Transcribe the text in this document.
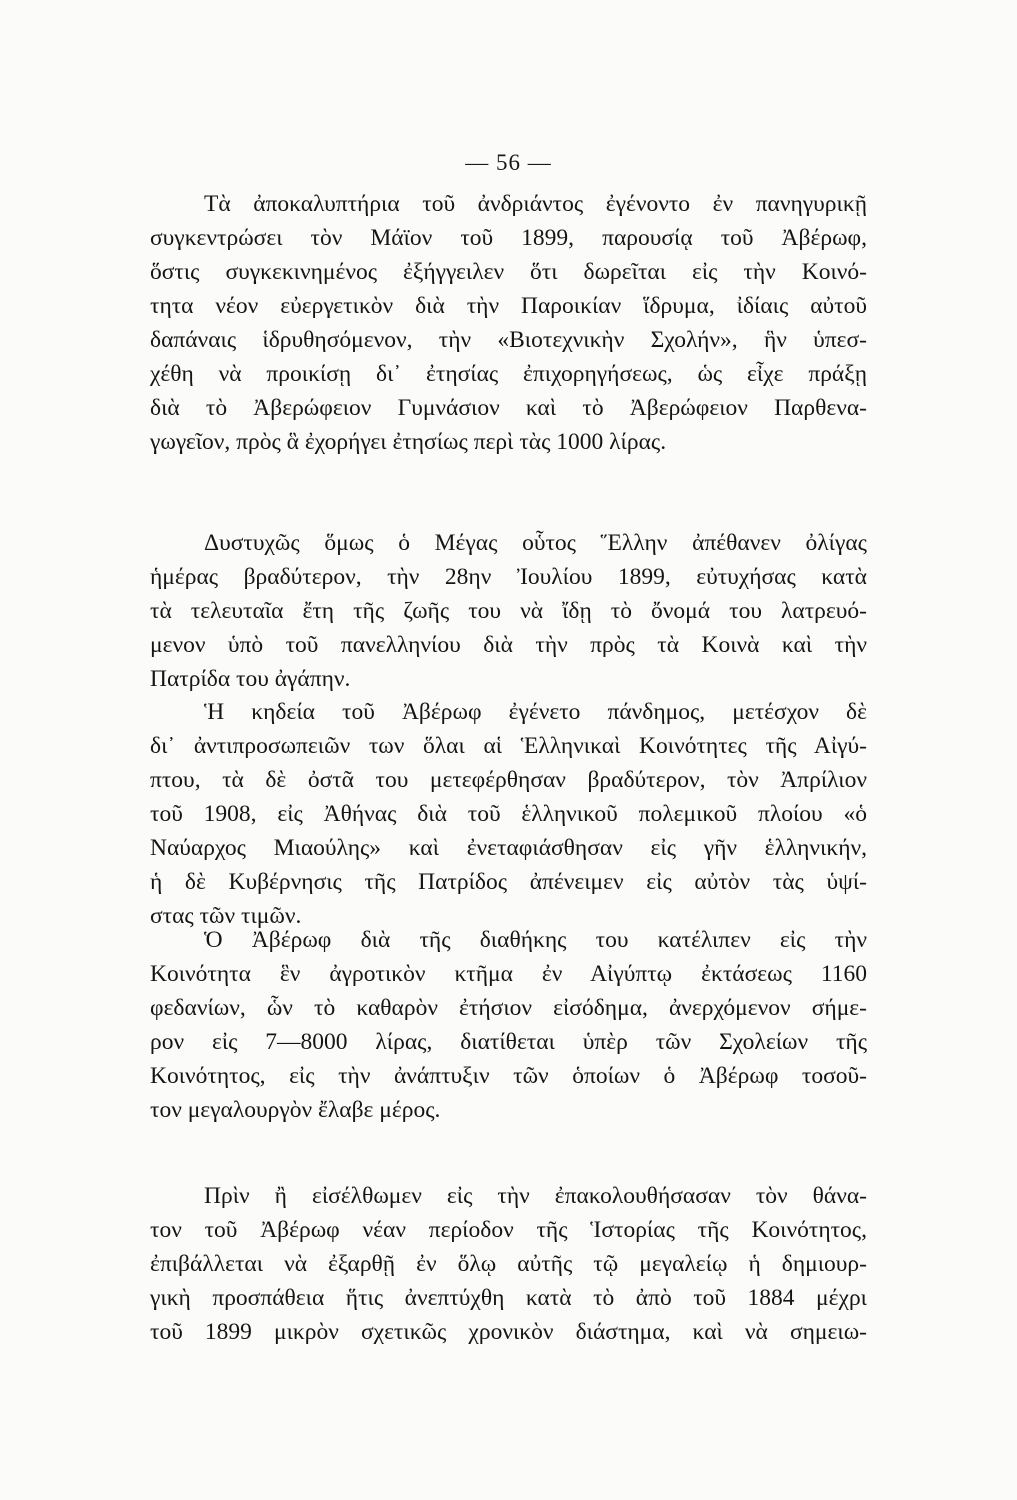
— 56 —
Τὰ ἀποκαλυπτήρια τοῦ ἀνδριάντος ἐγένοντο ἐν πανηγυρικῇ
συγκεντρώσει τὸν Μάϊον τοῦ 1899, παρουσίᾳ τοῦ Ἀβέρωφ,
ὅστις συγκεκινημένος ἐξήγγειλεν ὅτι δωρεῖται εἰς τὴν Κοινό-
τητα νέον εὐεργετικὸν διὰ τὴν Παροικίαν ἵδρυμα, ἰδίαις αὐτοῦ
δαπάναις ἱδρυθησόμενον, τὴν «Βιοτεχνικὴν Σχολήν», ἣν ὑπεσ-
χέθη νὰ προικίσῃ δι᾽ ἐτησίας ἐπιχορηγήσεως, ὡς εἶχε πράξῃ
διὰ τὸ Ἀβερώφειον Γυμνάσιον καὶ τὸ Ἀβερώφειον Παρθενα-
γωγεῖον, πρὸς ἃ ἐχορήγει ἐτησίως περὶ τὰς 1000 λίρας.
Δυστυχῶς ὅμως ὁ Μέγας οὗτος Ἕλλην ἀπέθανεν ὀλίγας
ἡμέρας βραδύτερον, τὴν 28ην Ἰουλίου 1899, εὐτυχήσας κατὰ
τὰ τελευταῖα ἔτη τῆς ζωῆς του νὰ ἴδῃ τὸ ὄνομά του λατρευό-
μενον ὑπὸ τοῦ πανελληνίου διὰ τὴν πρὸς τὰ Κοινὰ καὶ τὴν
Πατρίδα του ἀγάπην.
Ἡ κηδεία τοῦ Ἀβέρωφ ἐγένετο πάνδημος, μετέσχον δὲ
δι᾽ ἀντιπροσωπειῶν των ὅλαι αἱ Ἑλληνικαὶ Κοινότητες τῆς Αἰγύ-
πτου, τὰ δὲ ὀστᾶ του μετεφέρθησαν βραδύτερον, τὸν Ἀπρίλιον
τοῦ 1908, εἰς Ἀθήνας διὰ τοῦ ἑλληνικοῦ πολεμικοῦ πλοίου «ὁ
Ναύαρχος Μιαούλης» καὶ ἐνεταφιάσθησαν εἰς γῆν ἑλληνικήν,
ἡ δὲ Κυβέρνησις τῆς Πατρίδος ἀπένειμεν εἰς αὐτὸν τὰς ὑψί-
στας τῶν τιμῶν.
Ὁ Ἀβέρωφ διὰ τῆς διαθήκης του κατέλιπεν εἰς τὴν
Κοινότητα ἓν ἀγροτικὸν κτῆμα ἐν Αἰγύπτῳ ἐκτάσεως 1160
φεδανίων, ὧν τὸ καθαρὸν ἐτήσιον εἰσόδημα, ἀνερχόμενον σήμε-
ρον εἰς 7—8000 λίρας, διατίθεται ὑπὲρ τῶν Σχολείων τῆς
Κοινότητος, εἰς τὴν ἀνάπτυξιν τῶν ὁποίων ὁ Ἀβέρωφ τοσοῦ-
τον μεγαλουργὸν ἔλαβε μέρος.
Πρὶν ἢ εἰσέλθωμεν εἰς τὴν ἐπακολουθήσασαν τὸν θάνα-
τον τοῦ Ἀβέρωφ νέαν περίοδον τῆς Ἱστορίας τῆς Κοινότητος,
ἐπιβάλλεται νὰ ἐξαρθῇ ἐν ὅλῳ αὐτῆς τῷ μεγαλείῳ ἡ δημιουρ-
γικὴ προσπάθεια ἥτις ἀνεπτύχθη κατὰ τὸ ἀπὸ τοῦ 1884 μέχρι
τοῦ 1899 μικρὸν σχετικῶς χρονικὸν διάστημα, καὶ νὰ σημειω-
